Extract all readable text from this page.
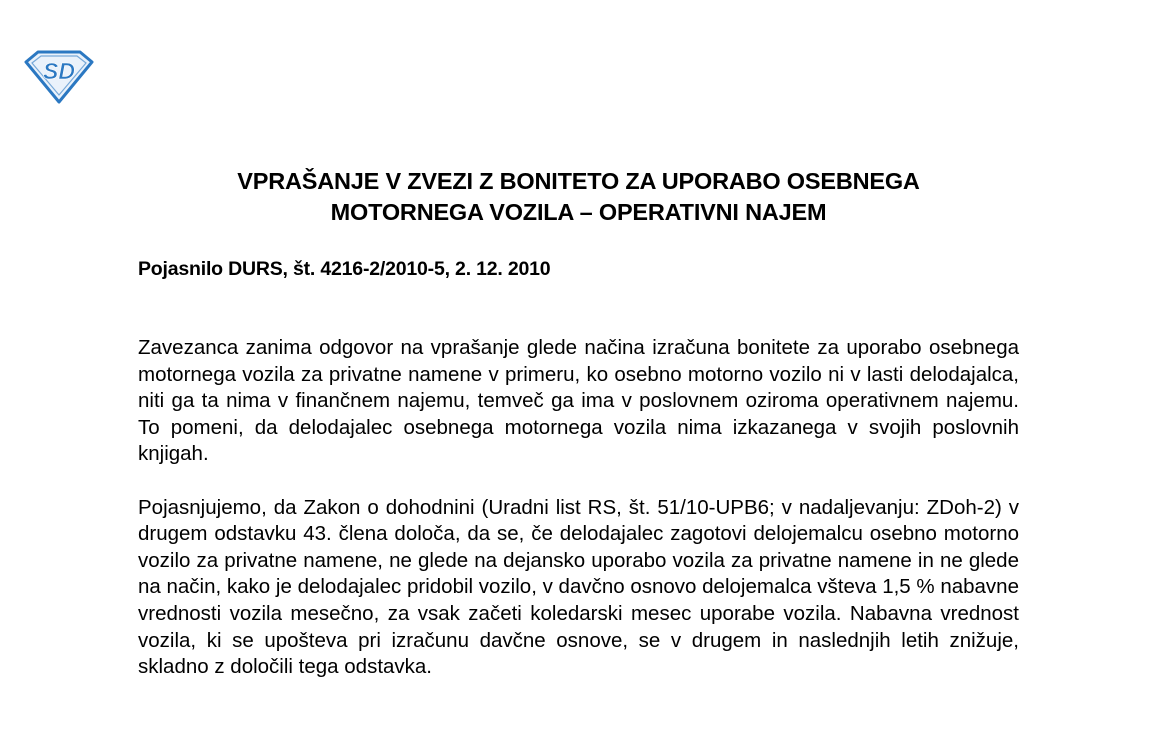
SD
VPRAŠANJE V ZVEZI Z BONITETO ZA UPORABO OSEBNEGA
MOTORNEGA VOZILA – OPERATIVNI NAJEM
Pojasnilo DURS, št. 4216-2/2010-5, 2. 12. 2010

Zavezanca zanima odgovor na vprašanje glede načina izračuna bonitete za uporabo osebnega motornega vozila za privatne namene v primeru, ko osebno motorno vozilo ni v lasti delodajalca, niti ga ta nima v finančnem najemu, temveč ga ima v poslovnem oziroma operativnem najemu. To pomeni, da delodajalec osebnega motornega vozila nima izkazanega v svojih poslovnih knjigah.

Pojasnjujemo, da Zakon o dohodnini (Uradni list RS, št. 51/10-UPB6; v nadaljevanju: ZDoh-2) v drugem odstavku 43. člena določa, da se, če delodajalec zagotovi delojemalcu osebno motorno vozilo za privatne namene, ne glede na dejansko uporabo vozila za privatne namene in ne glede na način, kako je delodajalec pridobil vozilo, v davčno osnovo delojemalca všteva 1,5 % nabavne vrednosti vozila mesečno, za vsak začeti koledarski mesec uporabe vozila. Nabavna vrednost vozila, ki se upošteva pri izračunu davčne osnove, se v drugem in naslednjih letih znižuje, skladno z določili tega odstavka.
